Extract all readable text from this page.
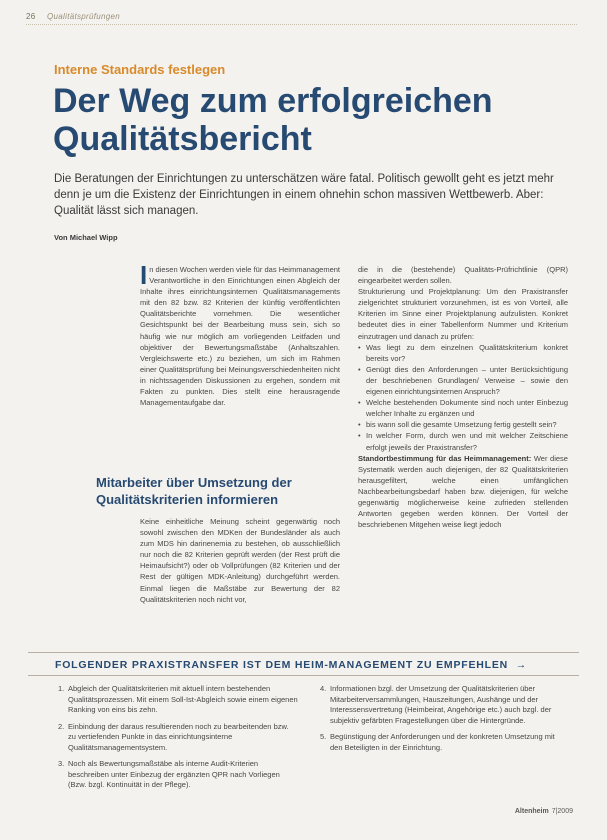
26 Qualitätsprüfungen
Interne Standards festlegen
Der Weg zum erfolgreichen
Qualitätsbericht

Die Beratungen der Einrichtungen zu unterschätzen wäre fatal. Politisch gewollt geht es jetzt mehr denn je um die Existenz der Einrichtungen in einem ohnehin schon massiven Wettbewerb. Aber: Qualität lässt sich managen.

Von Michael Wipp

In diesen Wochen werden viele für das Heimmanagement Verantwortliche in den Einrichtungen einen Abgleich der Inhalte ihres einrichtungsinternen Qualitätsmanagements mit den 82 bzw. 82 Kriterien der künftig veröffentlichten Qualitätsberichte vornehmen. Die wesentlicher Gesichtspunkt bei der Bearbeitung muss sein, sich so häufig wie nur möglich am vorliegenden Leitfaden und objektiver der Bewertungsmaßstäbe (Anhaltszahlen. Vergleichswerte etc.) zu beziehen, um sich im Rahmen einer Qualitätsprüfung bei Meinungsverschiedenheiten nicht in nichtssagenden Diskussionen zu ergehen, sondern mit Fakten zu punkten. Dies stellt eine herausragende Managementaufgabe dar.

Mitarbeiter über Umsetzung der
Qualitätskriterien informieren

Keine einheitliche Meinung scheint gegenwärtig noch sowohl zwischen den MDKen der Bundesländer als auch zum MDS hin darinenemia zu bestehen, ob ausschließlich nur noch die 82 Kriterien geprüft werden (der Rest prüft die Heimaufsicht?) oder ob Vollprüfungen (82 Kriterien und der Rest der gültigen MDK-Anleitung) durchgeführt werden. Einmal liegen die Maßstäbe zur Bewertung der 82 Qualitätskriterien noch nicht vor,

die in die (bestehende) Qualitäts-Prüfrichtlinie (QPR) eingearbeitet werden sollen.

Strukturierung und Projektplanung: Um den Praxistransfer zielgerichtet strukturiert vorzunehmen, ist es von Vorteil, alle Kriterien im Sinne einer Projektplanung aufzulisten. Konkret bedeutet dies in einer Tabellenform Nummer und Kriterium einzutragen und danach zu prüfen:

• Was liegt zu dem einzelnen Qualitätskriterium konkret bereits vor?
• Genügt dies den Anforderungen – unter Berücksichtigung der beschriebenen Grundlagen/ Verweise – sowie den eigenen einrichtungsinternen Anspruch?
• Welche bestehenden Dokumente sind noch unter Einbezug welcher Inhalte zu ergänzen und
• bis wann soll die gesamte Umsetzung fertig gestellt sein?
• In welcher Form, durch wen und mit welcher Zeitschiene erfolgt jeweils der Praxistransfer?

Standortbestimmung für das Heimmanagement: Wer diese Systematik werden auch diejenigen, der 82 Qualitätskriterien herausgefiltert, welche einen umfänglichen Nachbearbeitungsbedarf haben bzw. diejenigen, für welche gegenwärtig möglicherweise keine zufrieden stellenden Antworten gegeben werden können. Der Vorteil der beschriebenen Mitgehen weise liegt jedoch

FOLGENDER PRAXISTRANSFER IST DEM HEIM-MANAGEMENT ZU EMPFEHLEN →
1. Abgleich der Qualitätskriterien mit aktuell intern bestehenden Qualitätsprozessen. Mit einem Soll-Ist-Abgleich sowie einem eigenen Ranking von eins bis zehn.
2. Einbindung der daraus resultierenden noch zu bearbeitenden bzw. zu vertiefenden Punkte in das einrichtungsinterne Qualitätsmanagementsystem.
3. Noch als Bewertungsmaßstäbe als interne Audit-Kriterien beschreiben unter Einbezug der ergänzten QPR nach Vorliegen (Bzw. bzgl. Kontinuität in der Pflege).
4. Informationen bzgl. der Umsetzung der Qualitätskriterien über Mitarbeiterversammlungen, Hauszeitungen, Aushänge und der Interessensvertretung (Heimbeirat, Angehörige etc.) auch bzgl. der subjektiv gefärbten Fragestellungen über die Hintergründe.
5. Begünstigung der Anforderungen und der konkreten Umsetzung mit den Beteiligten in der Einrichtung.
Altenheim 7|2009
